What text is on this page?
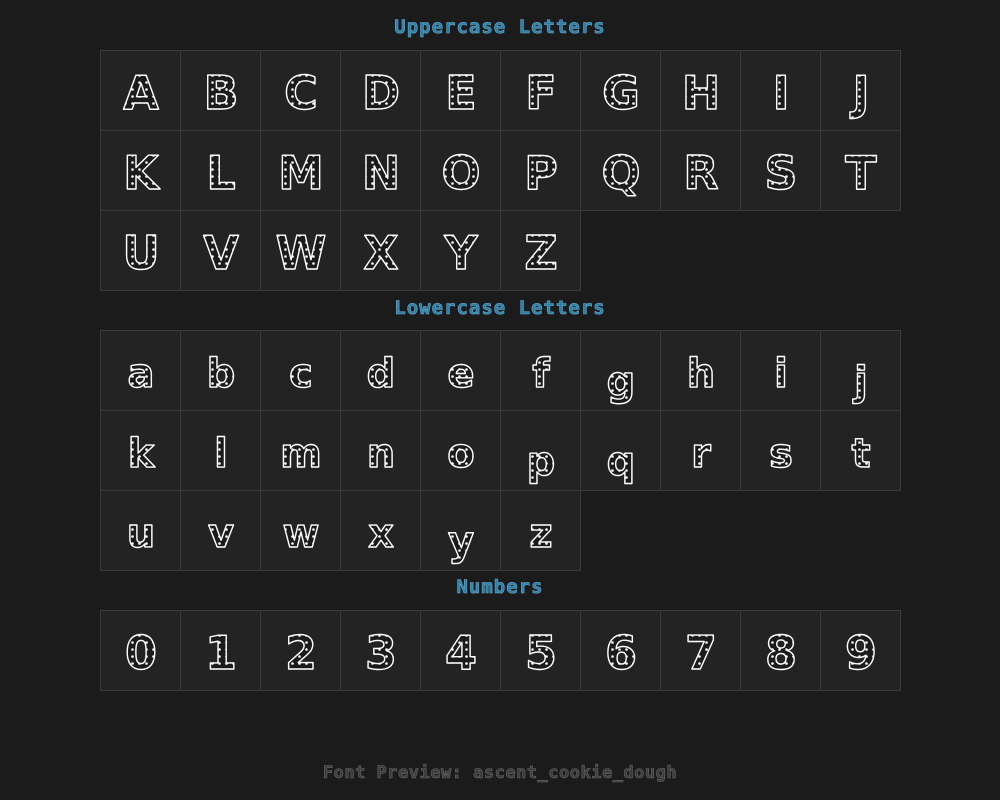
Uppercase Letters
A B C D E F G H I J
K L M N O P Q R S T
U V W X Y Z
Lowercase Letters
a b c d e f g h i j
k l m n o p q r s t
u v w x y z
Numbers
0 1 2 3 4 5 6 7 8 9
Font Preview: ascent_cookie_dough
